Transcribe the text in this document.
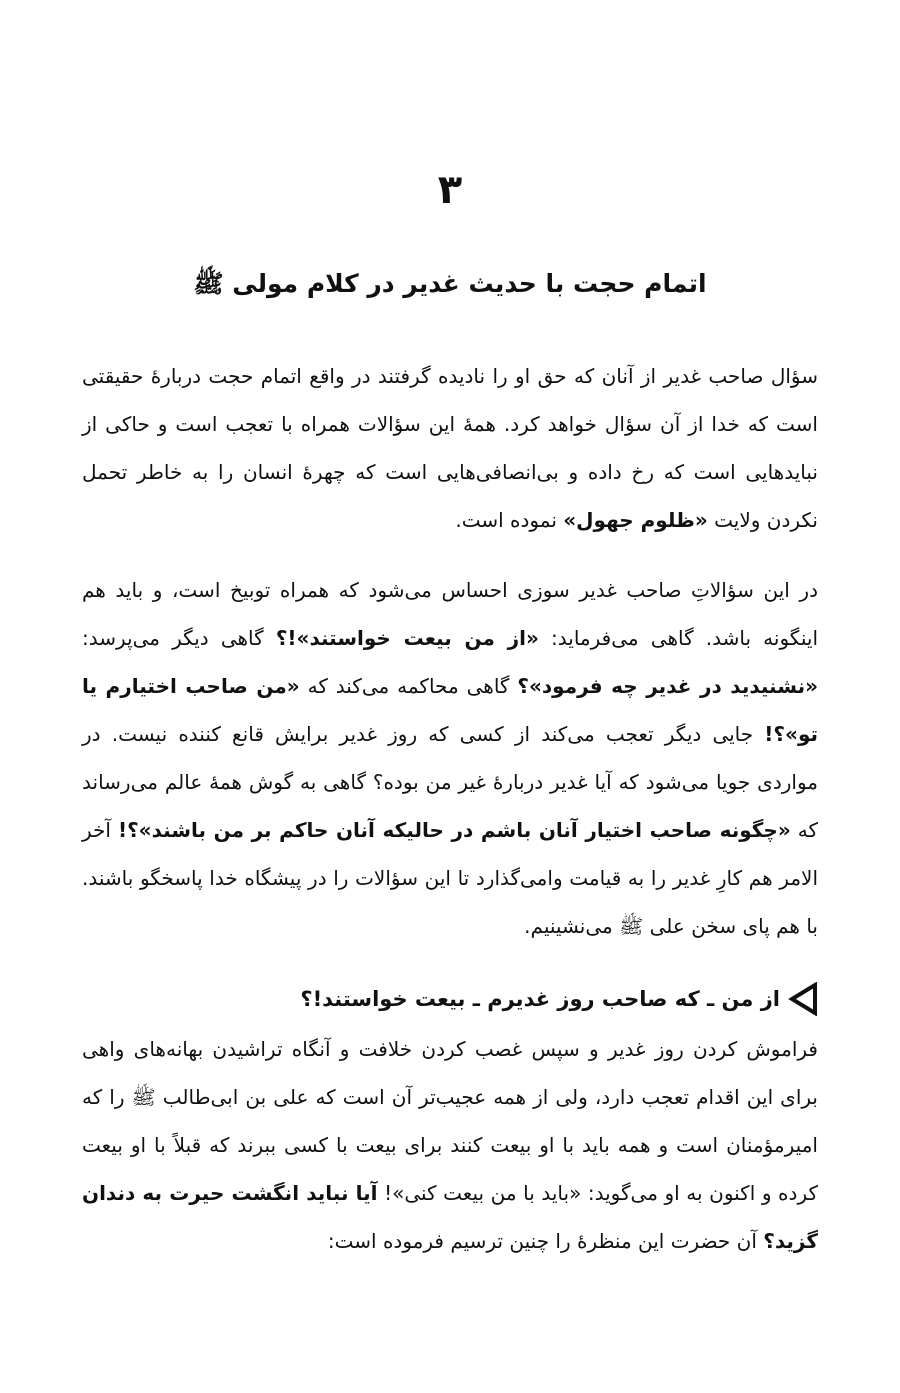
۳
اتمام حجت با حدیث غدیر در کلام مولی ﷺ

سؤال صاحب غدیر از آنان که حق او را نادیده گرفتند در واقع اتمام حجت دربارهٔ حقیقتی است که خدا از آن سؤال خواهد کرد. همهٔ این سؤالات همراه با تعجب است و حاکی از نبایدهایی است که رخ داده و بی‌انصافی‌هایی است که چهرهٔ انسان را به خاطر تحمل نکردن ولایت «ظلوم جهول» نموده است.

در این سؤالاتِ صاحب غدیر سوزی احساس می‌شود که همراه توبیخ است، و باید هم اینگونه باشد. گاهی می‌فرماید: «از من بیعت خواستند»!؟ گاهی دیگر می‌پرسد: «نشنیدید در غدیر چه فرمود»؟ گاهی محاکمه می‌کند که «من صاحب اختیارم یا تو»؟! جایی دیگر تعجب می‌کند از کسی که روز غدیر برایش قانع کننده نیست. در مواردی جویا می‌شود که آیا غدیر دربارهٔ غیر من بوده؟ گاهی به گوش همهٔ عالم می‌رساند که «چگونه صاحب اختیار آنان باشم در حالیکه آنان حاکم بر من باشند»؟! آخر الامر هم کارِ غدیر را به قیامت وامی‌گذارد تا این سؤالات را در پیشگاه خدا پاسخگو باشند. با هم پای سخن علی ﷺ می‌نشینیم.

از من ـ که صاحب روز غدیرم ـ بیعت خواستند!؟

فراموش کردن روز غدیر و سپس غصب کردن خلافت و آنگاه تراشیدن بهانه‌های واهی برای این اقدام تعجب دارد، ولی از همه عجیب‌تر آن است که علی بن ابی‌طالب ﷺ را که امیرمؤمنان است و همه باید با او بیعت کنند برای بیعت با کسی ببرند که قبلاً با او بیعت کرده و اکنون به او می‌گوید: «باید با من بیعت کنی»! آیا نباید انگشت حیرت به دندان گزید؟ آن حضرت این منظرهٔ را چنین ترسیم فرموده است:
